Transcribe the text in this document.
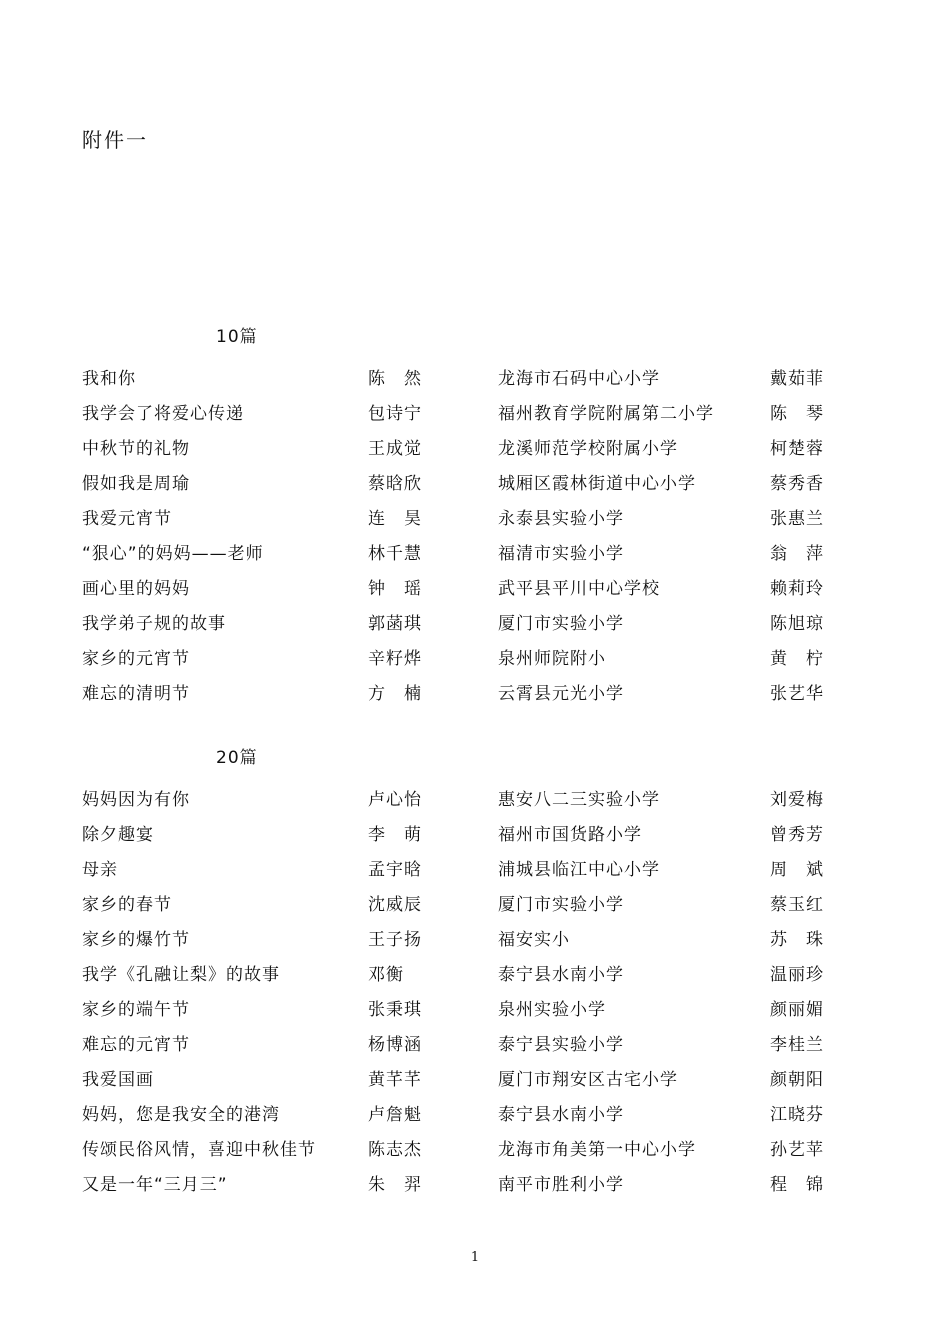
附件一
10篇
我和你	陈　然	龙海市石码中心小学	戴茹菲
我学会了将爱心传递	包诗宁	福州教育学院附属第二小学	陈　琴
中秋节的礼物	王成觉	龙溪师范学校附属小学	柯楚蓉
假如我是周瑜	蔡晗欣	城厢区霞林街道中心小学	蔡秀香
我爱元宵节	连　昊	永泰县实验小学	张惠兰
“狠心”的妈妈——老师	林千慧	福清市实验小学	翁　萍
画心里的妈妈	钟　瑶	武平县平川中心学校	赖莉玲
我学弟子规的故事	郭菡琪	厦门市实验小学	陈旭琼
家乡的元宵节	辛籽烨	泉州师院附小	黄　柠
难忘的清明节	方　楠	云霄县元光小学	张艺华
20篇
妈妈因为有你	卢心怡	惠安八二三实验小学	刘爱梅
除夕趣宴	李　萌	福州市国货路小学	曾秀芳
母亲	孟宇晗	浦城县临江中心小学	周　斌
家乡的春节	沈威辰	厦门市实验小学	蔡玉红
家乡的爆竹节	王子扬	福安实小	苏　珠
我学《孔融让梨》的故事	邓衡	泰宁县水南小学	温丽珍
家乡的端午节	张秉琪	泉州实验小学	颜丽媚
难忘的元宵节	杨博涵	泰宁县实验小学	李桂兰
我爱国画	黄芊芊	厦门市翔安区古宅小学	颜朝阳
妈妈，您是我安全的港湾	卢詹魁	泰宁县水南小学	江晓芬
传颂民俗风情，喜迎中秋佳节	陈志杰	龙海市角美第一中心小学	孙艺苹
又是一年“三月三”	朱　羿	南平市胜利小学	程　锦
1
